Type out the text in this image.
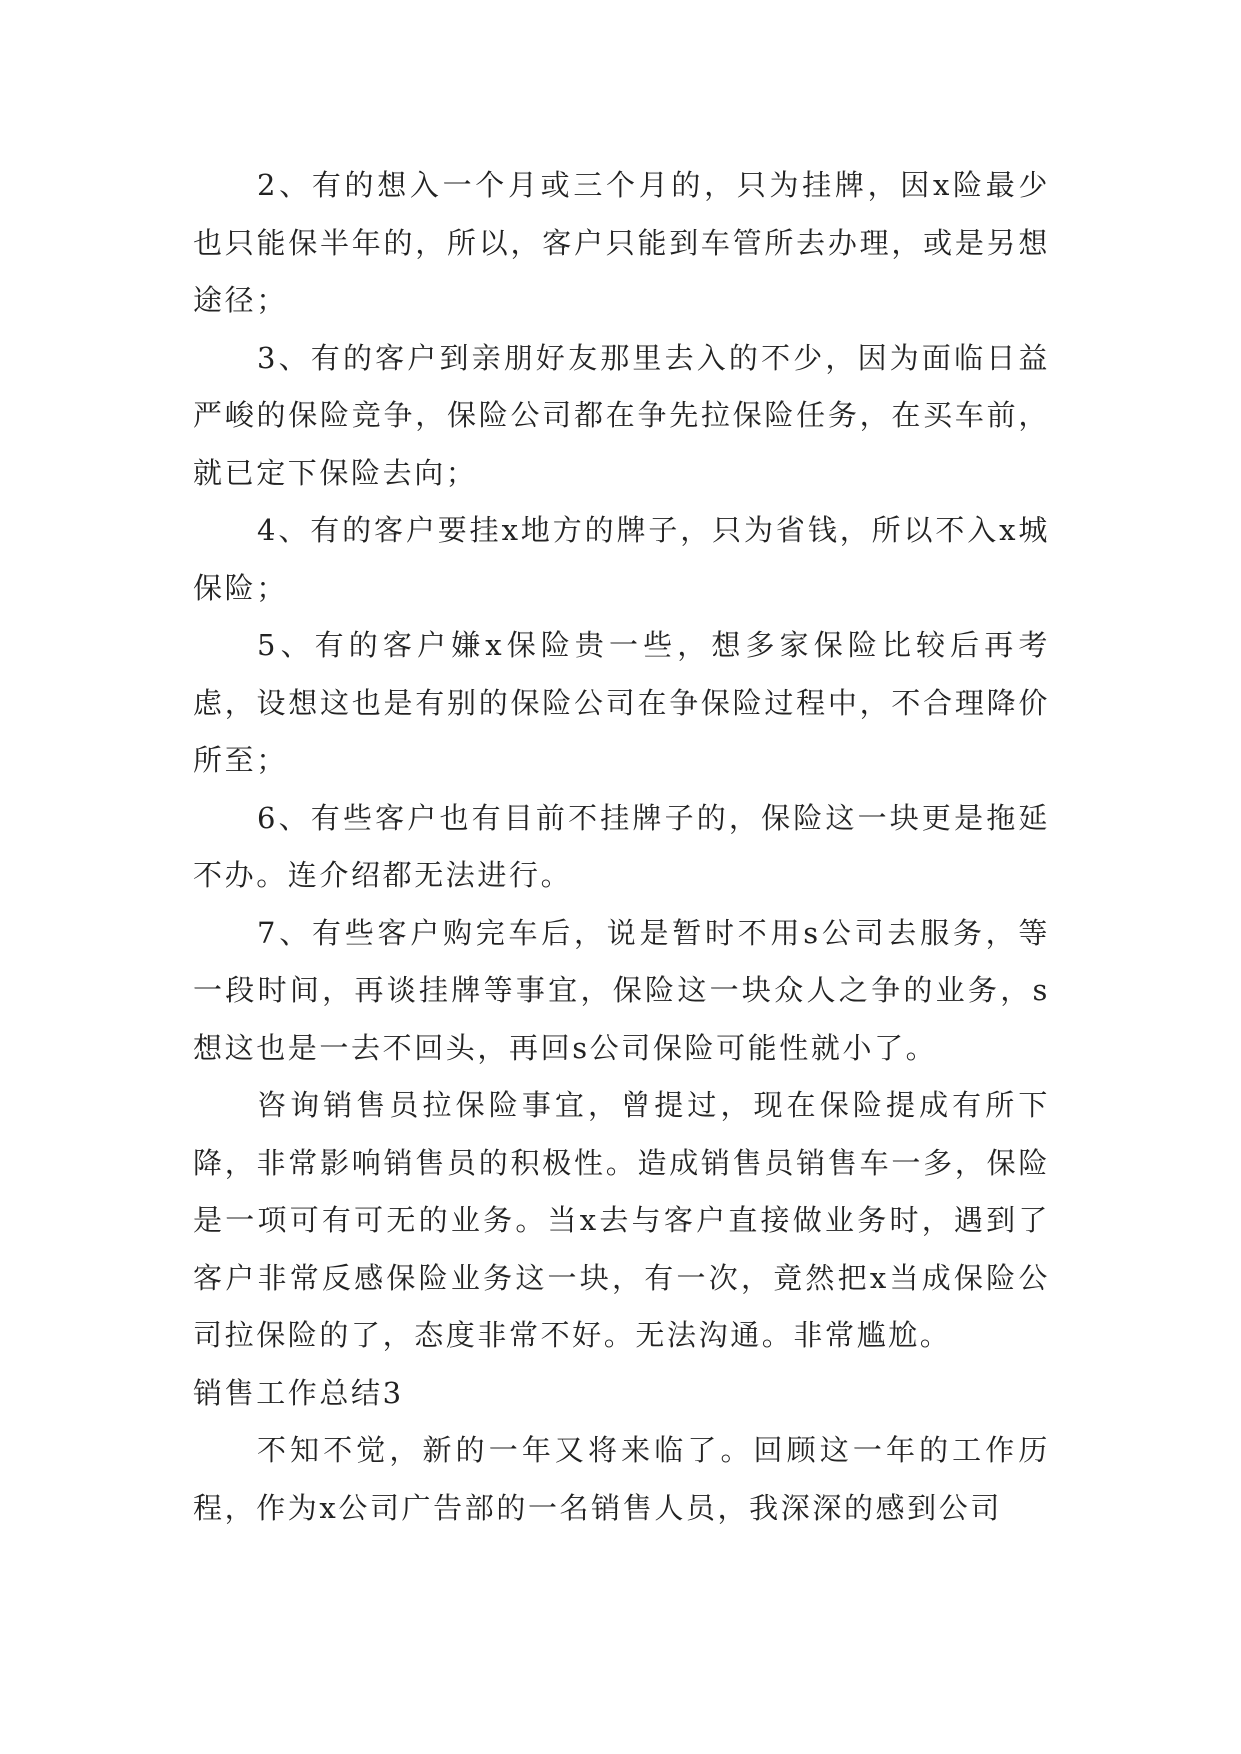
2、有的想入一个月或三个月的，只为挂牌，因x险最少也只能保半年的，所以，客户只能到车管所去办理，或是另想途径；

3、有的客户到亲朋好友那里去入的不少，因为面临日益严峻的保险竞争，保险公司都在争先拉保险任务，在买车前，就已定下保险去向；

4、有的客户要挂x地方的牌子，只为省钱，所以不入x城保险；

5、有的客户嫌x保险贵一些，想多家保险比较后再考虑，设想这也是有别的保险公司在争保险过程中，不合理降价所至；

6、有些客户也有目前不挂牌子的，保险这一块更是拖延不办。连介绍都无法进行。

7、有些客户购完车后，说是暂时不用s公司去服务，等一段时间，再谈挂牌等事宜，保险这一块众人之争的业务，s想这也是一去不回头，再回s公司保险可能性就小了。

咨询销售员拉保险事宜，曾提过，现在保险提成有所下降，非常影响销售员的积极性。造成销售员销售车一多，保险是一项可有可无的业务。当x去与客户直接做业务时，遇到了客户非常反感保险业务这一块，有一次，竟然把x当成保险公司拉保险的了，态度非常不好。无法沟通。非常尴尬。

销售工作总结3

不知不觉，新的一年又将来临了。回顾这一年的工作历程，作为x公司广告部的一名销售人员，我深深的感到公司
